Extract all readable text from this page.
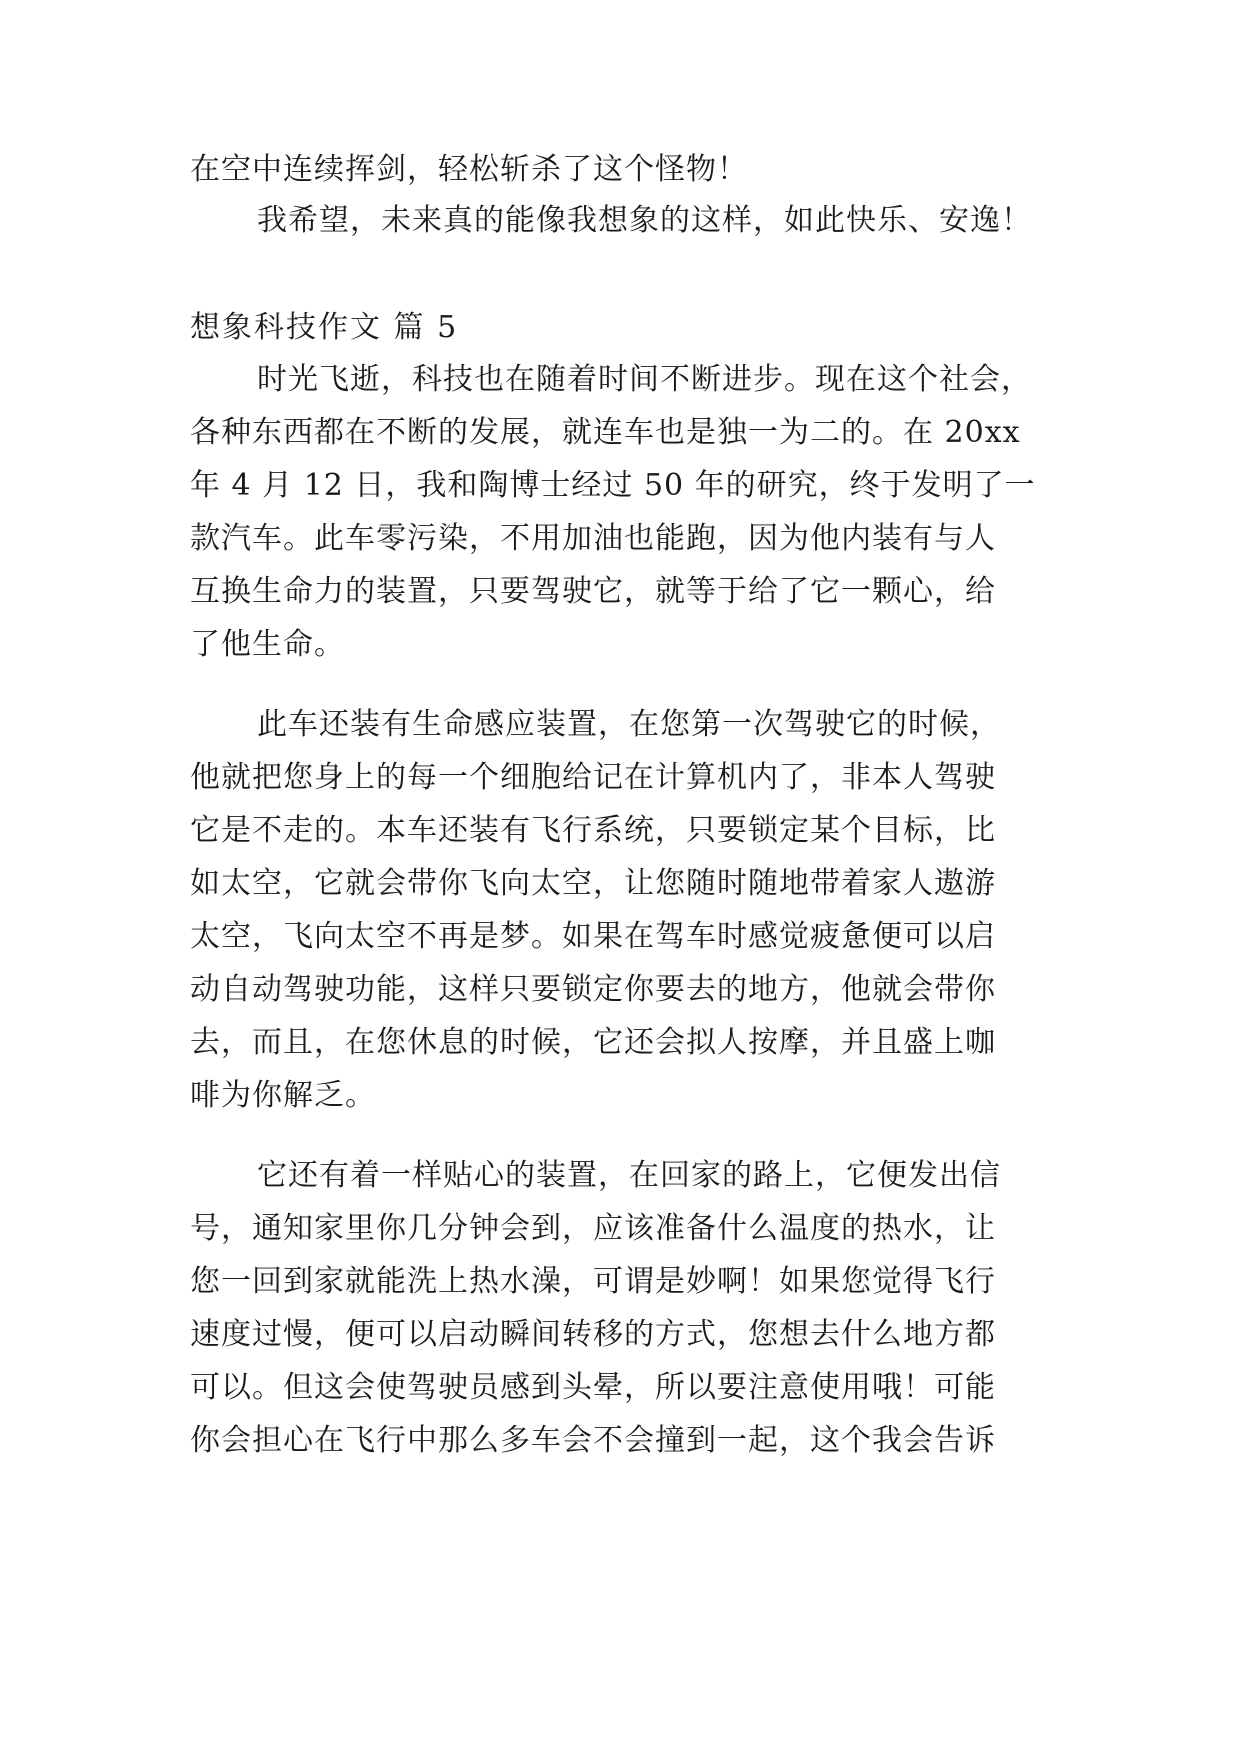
在空中连续挥剑，轻松斩杀了这个怪物！
我希望，未来真的能像我想象的这样，如此快乐、安逸！
想象科技作文 篇 5
时光飞逝，科技也在随着时间不断进步。现在这个社会，
各种东西都在不断的发展，就连车也是独一为二的。在 20xx
年 4 月 12 日，我和陶博士经过 50 年的研究，终于发明了一
款汽车。此车零污染，不用加油也能跑，因为他内装有与人
互换生命力的装置，只要驾驶它，就等于给了它一颗心，给
了他生命。
此车还装有生命感应装置，在您第一次驾驶它的时候，
他就把您身上的每一个细胞给记在计算机内了，非本人驾驶
它是不走的。本车还装有飞行系统，只要锁定某个目标，比
如太空，它就会带你飞向太空，让您随时随地带着家人遨游
太空，飞向太空不再是梦。如果在驾车时感觉疲惫便可以启
动自动驾驶功能，这样只要锁定你要去的地方，他就会带你
去，而且，在您休息的时候，它还会拟人按摩，并且盛上咖
啡为你解乏。
它还有着一样贴心的装置，在回家的路上，它便发出信
号，通知家里你几分钟会到，应该准备什么温度的热水，让
您一回到家就能洗上热水澡，可谓是妙啊！如果您觉得飞行
速度过慢，便可以启动瞬间转移的方式，您想去什么地方都
可以。但这会使驾驶员感到头晕，所以要注意使用哦！可能
你会担心在飞行中那么多车会不会撞到一起，这个我会告诉
